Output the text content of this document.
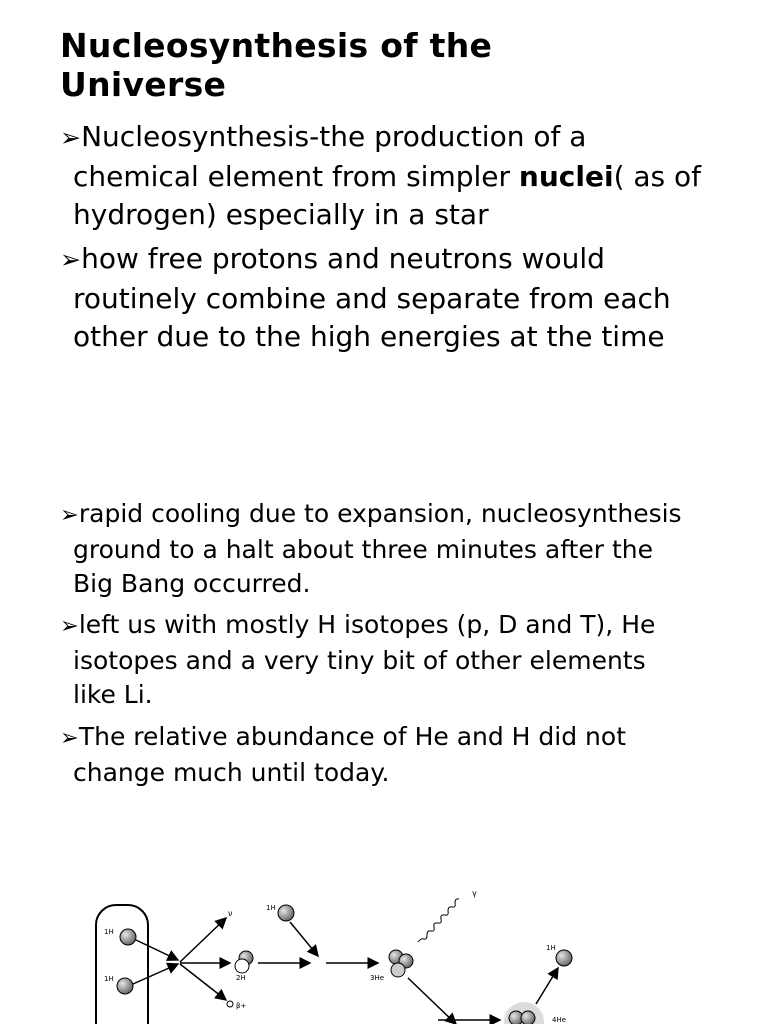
Nucleosynthesis of the
Universe
➢Nucleosynthesis-the production of a
chemical element from simpler nuclei( as of
hydrogen) especially in a star
➢how free protons and neutrons would
routinely combine and separate from each
other due to the high energies at the time
➢rapid cooling due to expansion, nucleosynthesis
ground to a halt about three minutes after the
Big Bang occurred.
➢left us with mostly H isotopes (p, D and T), He
isotopes and a very tiny bit of other elements
like Li.
➢The relative abundance of He and H did not
change much until today.
1H
1H
ν
2H
β+
1H
3He
γ
4He
1H
